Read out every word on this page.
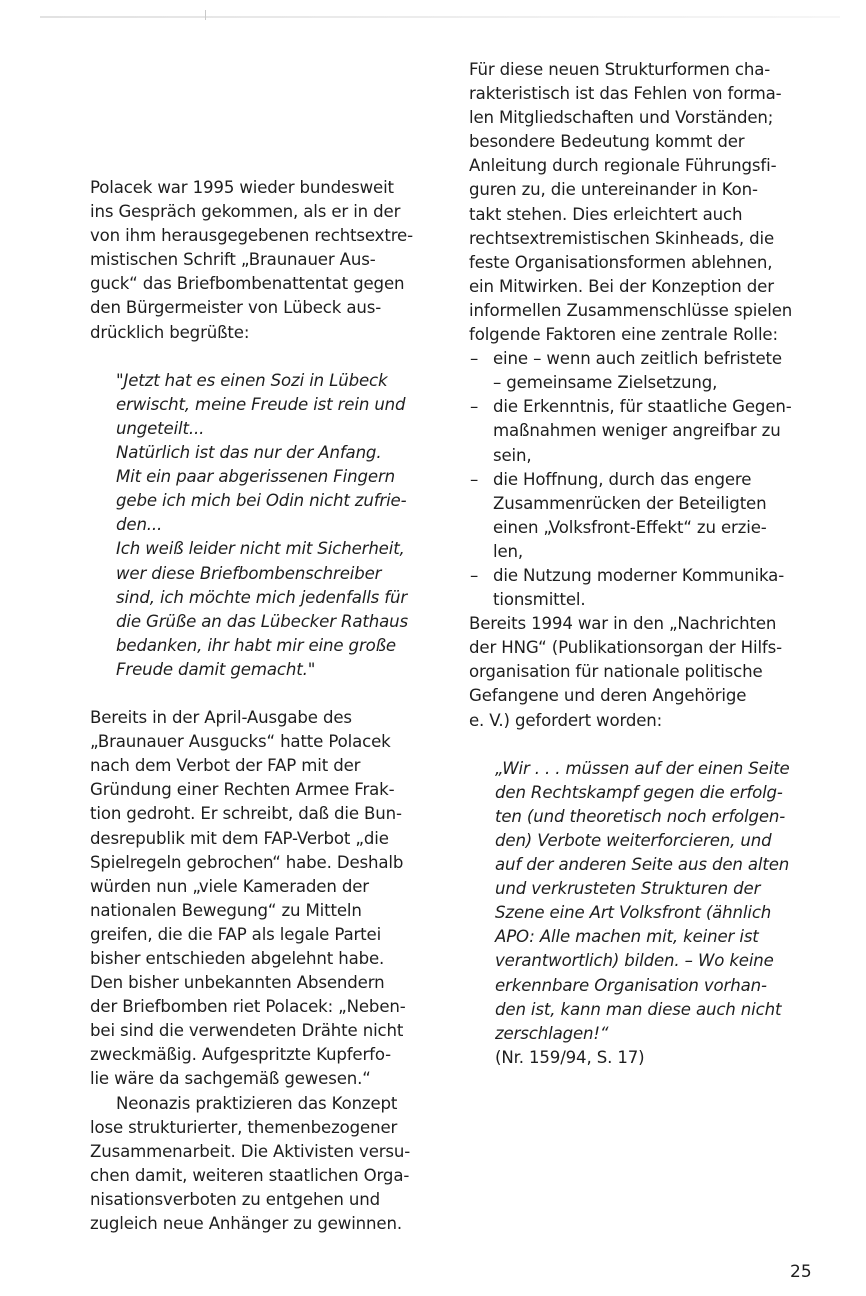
Polacek war 1995 wieder bundesweit
ins Gespräch gekommen, als er in der
von ihm herausgegebenen rechtsextre-
mistischen Schrift „Braunauer Aus-
guck“ das Briefbombenattentat gegen
den Bürgermeister von Lübeck aus-
drücklich begrüßte:

"Jetzt hat es einen Sozi in Lübeck
erwischt, meine Freude ist rein und
ungeteilt...
Natürlich ist das nur der Anfang.
Mit ein paar abgerissenen Fingern
gebe ich mich bei Odin nicht zufrie-
den...
Ich weiß leider nicht mit Sicherheit,
wer diese Briefbombenschreiber
sind, ich möchte mich jedenfalls für
die Grüße an das Lübecker Rathaus
bedanken, ihr habt mir eine große
Freude damit gemacht."

Bereits in der April-Ausgabe des
„Braunauer Ausgucks“ hatte Polacek
nach dem Verbot der FAP mit der
Gründung einer Rechten Armee Frak-
tion gedroht. Er schreibt, daß die Bun-
desrepublik mit dem FAP-Verbot „die
Spielregeln gebrochen“ habe. Deshalb
würden nun „viele Kameraden der
nationalen Bewegung“ zu Mitteln
greifen, die die FAP als legale Partei
bisher entschieden abgelehnt habe.
Den bisher unbekannten Absendern
der Briefbomben riet Polacek: „Neben-
bei sind die verwendeten Drähte nicht
zweckmäßig. Aufgespritzte Kupferfo-
lie wäre da sachgemäß gewesen.“

Neonazis praktizieren das Konzept
lose strukturierter, themenbezogener
Zusammenarbeit. Die Aktivisten versu-
chen damit, weiteren staatlichen Orga-
nisationsverboten zu entgehen und
zugleich neue Anhänger zu gewinnen.

Für diese neuen Strukturformen cha-
rakteristisch ist das Fehlen von forma-
len Mitgliedschaften und Vorständen;
besondere Bedeutung kommt der
Anleitung durch regionale Führungsfi-
guren zu, die untereinander in Kon-
takt stehen. Dies erleichtert auch
rechtsextremistischen Skinheads, die
feste Organisationsformen ablehnen,
ein Mitwirken. Bei der Konzeption der
informellen Zusammenschlüsse spielen
folgende Faktoren eine zentrale Rolle:

– eine – wenn auch zeitlich befristete
– gemeinsame Zielsetzung,
– die Erkenntnis, für staatliche Gegen-
maßnahmen weniger angreifbar zu
sein,
– die Hoffnung, durch das engere
Zusammenrücken der Beteiligten
einen „Volksfront-Effekt“ zu erzie-
len,
– die Nutzung moderner Kommunika-
tionsmittel.

Bereits 1994 war in den „Nachrichten
der HNG“ (Publikationsorgan der Hilfs-
organisation für nationale politische
Gefangene und deren Angehörige
e. V.) gefordert worden:

„Wir . . . müssen auf der einen Seite
den Rechtskampf gegen die erfolg-
ten (und theoretisch noch erfolgen-
den) Verbote weiterforcieren, und
auf der anderen Seite aus den alten
und verkrusteten Strukturen der
Szene eine Art Volksfront (ähnlich
APO: Alle machen mit, keiner ist
verantwortlich) bilden. – Wo keine
erkennbare Organisation vorhan-
den ist, kann man diese auch nicht
zerschlagen!“

(Nr. 159/94, S. 17)

25
